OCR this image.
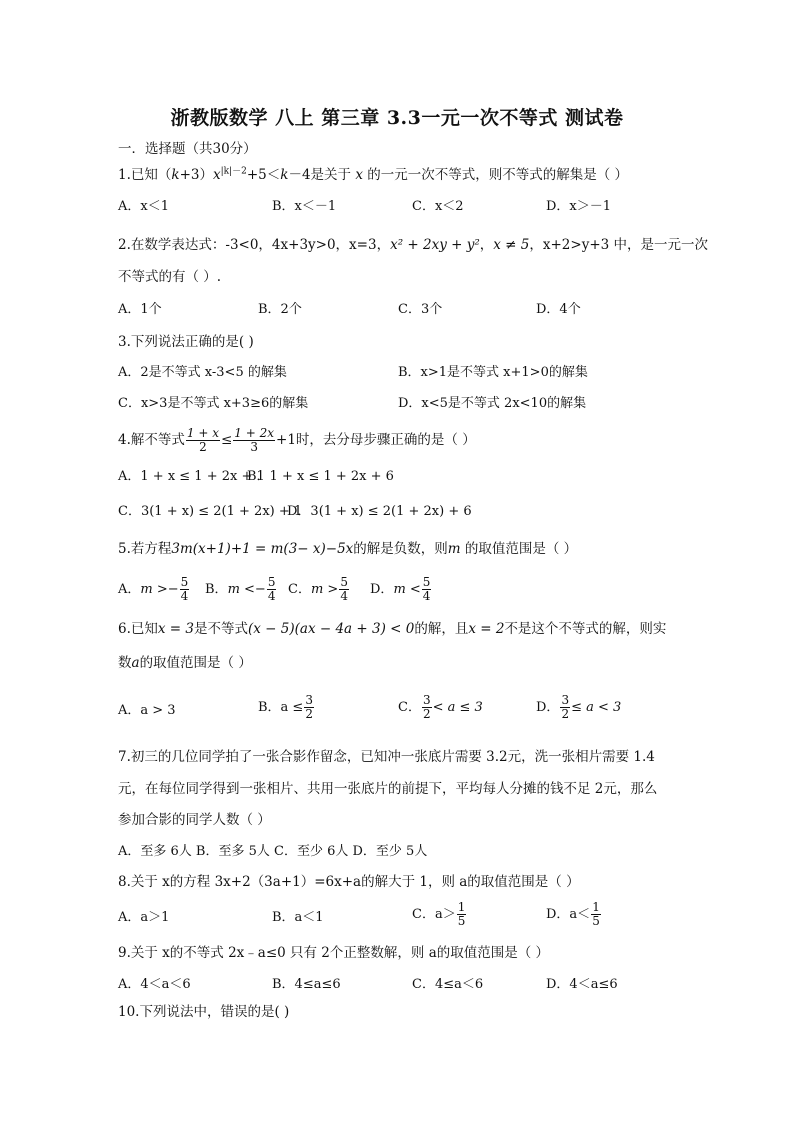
浙教版数学 八上 第三章 3.3一元一次不等式 测试卷
一．选择题（共30分）
1.已知$(k+3)x^{|k|-2}+5<k-4$是关于 x 的一元一次不等式，则不等式的解集是（ ）
A．x＜1	B．x＜－1	C．x＜2	D．x＞－1
2.在数学表达式：-3<0，4x+3y>0，x=3，x² + 2xy + y²，x ≠ 5，x+2>y+3 中，是一元一次
不等式的有（ ）.
A．1个	B．2个	C．3个	D．4个
3.下列说法正确的是( )
A．2是不等式 x-3<5 的解集	B．x>1是不等式 x+1>0的解集
C．x>3是不等式 x+3≥6的解集	D．x<5是不等式 2x<10的解集
4.解不等式 $\frac{1 + x}{2} \le \frac{1 + 2x}{3} +1$时，去分母步骤正确的是（ ）
A．1 + x ≤ 1 + 2x + 1
B．1 + x ≤ 1 + 2x + 6
C．3(1 + x) ≤ 2(1 + 2x) + 1
D．3(1 + x) ≤ 2(1 + 2x) + 6
5.若方程3m(x+1)+1 = m(3− x)−5x的解是负数，则m 的取值范围是（ ）
A．$m >- \frac{5}{4}$ B．$m <- \frac{5}{4}$ C．$m > \frac{5}{4}$ D．$m < \frac{5}{4}$
6.已知x = 3是不等式(x − 5)(ax − 4a + 3) < 0的解，且x = 2不是这个不等式的解，则实
数a的取值范围是（ ）
A．a > 3	B．$a \le \frac{3}{2}$	C． $\frac{3}{2} < a \le 3$	D． $\frac{3}{2} \le a < 3$
7.初三的几位同学拍了一张合影作留念，已知冲一张底片需要 3.2元，洗一张相片需要 1.4
元，在每位同学得到一张相片、共用一张底片的前提下，平均每人分摊的钱不足 2元，那么
参加合影的同学人数（ ）
A．至多 6人 B．至多 5人 C．至少 6人 D．至少 5人
8.关于 x的方程 3x+2（3a+1）=6x+a的解大于 1，则 a的取值范围是（ ）
A．a＞1	B．a＜1	C．$a> \frac{1}{5}$	D．$a< \frac{1}{5}$
9.关于 x的不等式 2x﹣a≤0 只有 2个正整数解，则 a的取值范围是（ ）
A．4＜a＜6	B．4≤a≤6	C．4≤a＜6	D．4＜a≤6
10.下列说法中，错误的是( )
